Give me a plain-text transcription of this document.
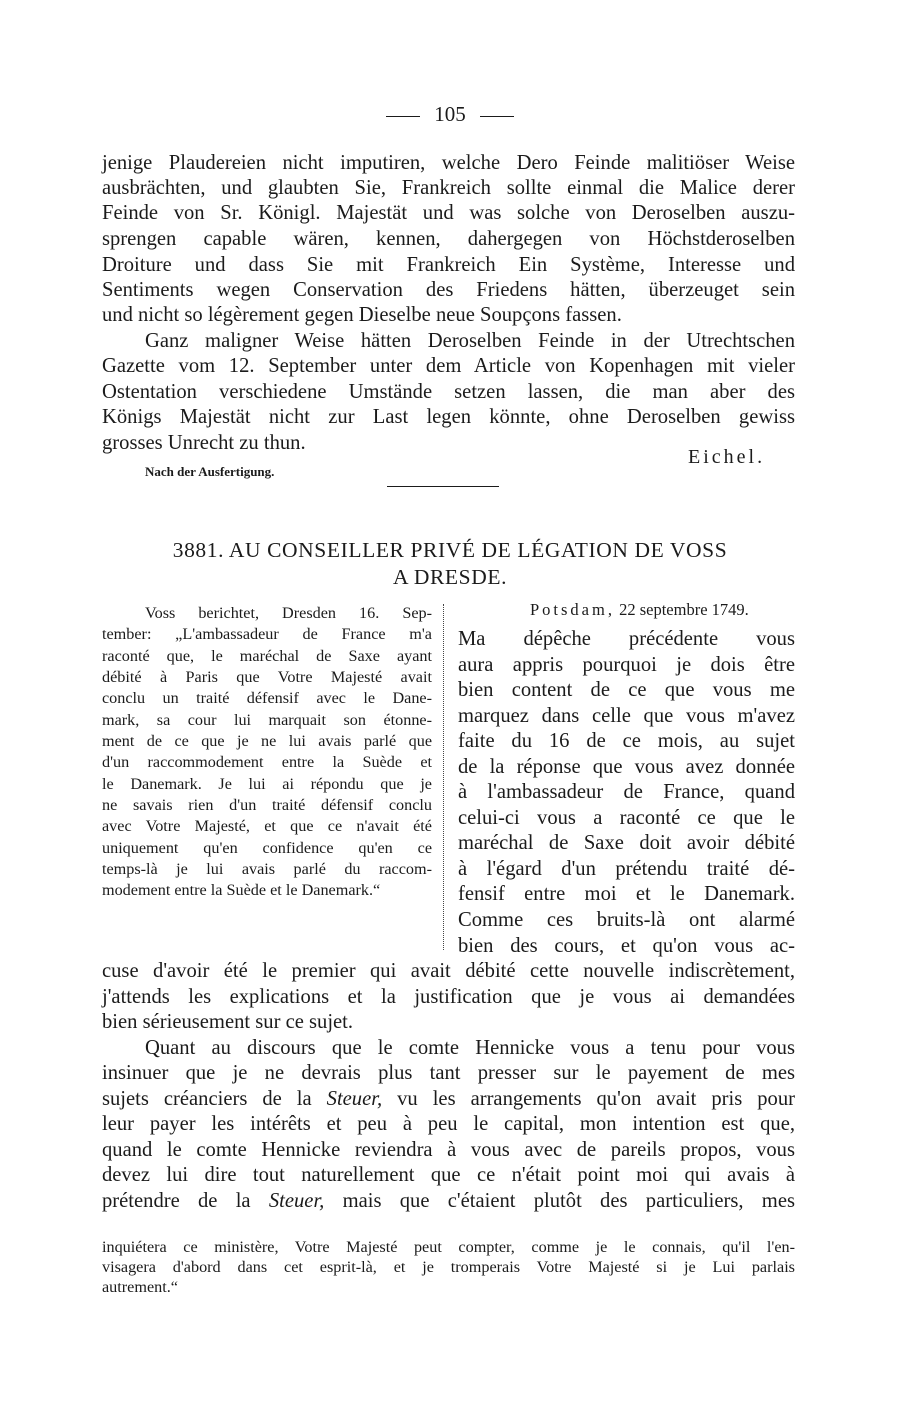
105
jenige Plaudereien nicht imputiren, welche Dero Feinde malitiöser Weise
ausbrächten, und glaubten Sie, Frankreich sollte einmal die Malice derer
Feinde von Sr. Königl. Majestät und was solche von Deroselben auszu-
sprengen capable wären, kennen, dahergegen von Höchstderoselben
Droiture und dass Sie mit Frankreich Ein Système, Interesse und
Sentiments wegen Conservation des Friedens hätten, überzeuget sein
und nicht so légèrement gegen Dieselbe neue Soupçons fassen.
Ganz maligner Weise hätten Deroselben Feinde in der Utrechtschen
Gazette vom 12. September unter dem Article von Kopenhagen mit vieler
Ostentation verschiedene Umstände setzen lassen, die man aber des
Königs Majestät nicht zur Last legen könnte, ohne Deroselben gewiss
grosses Unrecht zu thun.
Eichel.
Nach der Ausfertigung.
3881. AU CONSEILLER PRIVÉ DE LÉGATION DE VOSS
A DRESDE.
Potsdam, 22 septembre 1749.
Voss berichtet, Dresden 16. Sep-
tember: „L'ambassadeur de France m'a
raconté que, le maréchal de Saxe ayant
débité à Paris que Votre Majesté avait
conclu un traité défensif avec le Dane-
mark, sa cour lui marquait son étonne-
ment de ce que je ne lui avais parlé que
d'un raccommodement entre la Suède et
le Danemark. Je lui ai répondu que je
ne savais rien d'un traité défensif conclu
avec Votre Majesté, et que ce n'avait été
uniquement qu'en confidence qu'en ce
temps-là je lui avais parlé du raccom-
modement entre la Suède et le Danemark.“
Ma dépêche précédente vous
aura appris pourquoi je dois être
bien content de ce que vous me
marquez dans celle que vous m'avez
faite du 16 de ce mois, au sujet
de la réponse que vous avez donnée
à l'ambassadeur de France, quand
celui-ci vous a raconté ce que le
maréchal de Saxe doit avoir débité
à l'égard d'un prétendu traité dé-
fensif entre moi et le Danemark.
Comme ces bruits-là ont alarmé
bien des cours, et qu'on vous ac-
cuse d'avoir été le premier qui avait débité cette nouvelle indiscrètement,
j'attends les explications et la justification que je vous ai demandées
bien sérieusement sur ce sujet.
Quant au discours que le comte Hennicke vous a tenu pour vous
insinuer que je ne devrais plus tant presser sur le payement de mes
sujets créanciers de la Steuer, vu les arrangements qu'on avait pris pour
leur payer les intérêts et peu à peu le capital, mon intention est que,
quand le comte Hennicke reviendra à vous avec de pareils propos, vous
devez lui dire tout naturellement que ce n'était point moi qui avais à
prétendre de la Steuer, mais que c'étaient plutôt des particuliers, mes
inquiétera ce ministère, Votre Majesté peut compter, comme je le connais, qu'il l'en-
visagera d'abord dans cet esprit-là, et je tromperais Votre Majesté si je Lui parlais
autrement.“
